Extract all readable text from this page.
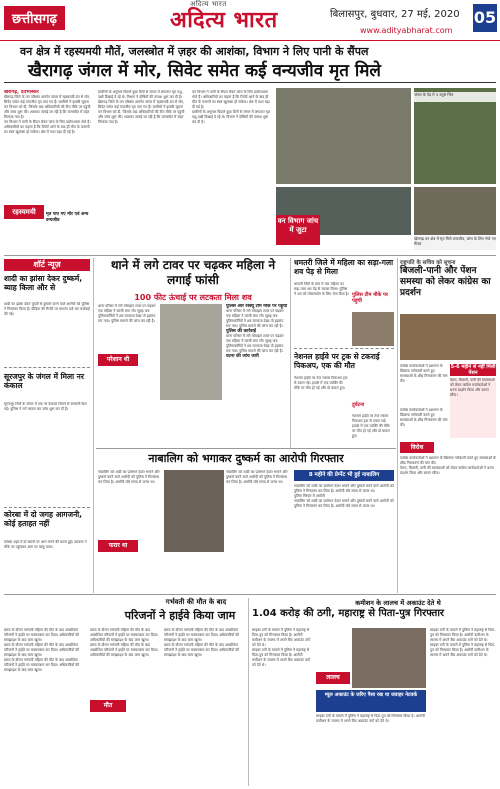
छत्तीसगढ़
अदित्य भारत
अदित्य भारत	बिलासपुर, बुधवार, 27 मई, 2020
www.adityabharat.com
05
वन क्षेत्र में रहस्यमयी मौतें, जलस्त्रोत में ज़हर की आशंका, विभाग ने लिए पानी के सैंपल
खैरागढ़ जंगल में मोर, सिवेट समेत कई वन्यजीव मृत मिले
खैरागढ़, देवभास्कर
खैरागढ़ जिले के वन परिक्षेत्र अंतर्गत जंगल में रहस्यमयी ढंग से मोर, सिवेट समेत कई वन्यजीव मृत पाए गए हैं। ग्रामीणों ने इसकी सूचना वन विभाग को दी, जिसके बाद अधिकारियों की टीम मौके पर पहुंची और जांच शुरू की। आशंका जताई जा रही है कि जलस्त्रोत में ज़हर मिलाया गया है।
वन विभाग ने पानी के सैंपल लेकर जांच के लिए प्रयोगशाला भेजे हैं। अधिकारियों का कहना है कि रिपोर्ट आने के बाद ही मौत के कारणों का स्पष्ट खुलासा हो सकेगा। क्षेत्र में गश्त बढ़ा दी गई है।
रहस्यमयी	मृत पाए गए मोर एवं अन्य वन्यजीव
ग्रामीणों के अनुसार पिछले कुछ दिनों से जंगल में लगातार मृत पशु-पक्षी दिखाई दे रहे थे। विभाग ने दोषियों की तलाश शुरू कर दी है।
खैरागढ़ जिले के वन परिक्षेत्र अंतर्गत जंगल में रहस्यमयी ढंग से मोर, सिवेट समेत कई वन्यजीव मृत पाए गए हैं। ग्रामीणों ने इसकी सूचना वन विभाग को दी, जिसके बाद अधिकारियों की टीम मौके पर पहुंची और जांच शुरू की। आशंका जताई जा रही है कि जलस्त्रोत में ज़हर मिलाया गया है।
वन विभाग ने पानी के सैंपल लेकर जांच के लिए प्रयोगशाला भेजे हैं। अधिकारियों का कहना है कि रिपोर्ट आने के बाद ही मौत के कारणों का स्पष्ट खुलासा हो सकेगा। क्षेत्र में गश्त बढ़ा दी गई है।
ग्रामीणों के अनुसार पिछले कुछ दिनों से जंगल में लगातार मृत पशु-पक्षी दिखाई दे रहे थे। विभाग ने दोषियों की तलाश शुरू कर दी है।
जंगल के पेड़ में 3 उपुस भित्र
वन विभाग जांच में जुटा
खेरागढ़ वन क्षेत्र में मृत मिले वन्यजीव, जांच के लिए भेजे गए सैंपल
शॉर्ट न्यूज़
शादी का झांसा देकर दुष्कर्म, ब्याह किला और से
शादी का झांसा देकर युवती से दुष्कर्म करने वाले आरोपी को पुलिस ने गिरफ्तार किया है। पीड़िता की रिपोर्ट पर मामला दर्ज कर कार्रवाई की गई।
सूरजपुर के जंगल में मिला नर कंकाल
सूरजपुर जिले के जंगल में एक नर कंकाल मिलने से सनसनी फैल गई। पुलिस ने मर्ग कायम कर जांच शुरू कर दी है।
कोरबा में दो जगह आगजनी, कोई हताहत नहीं
कोरबा शहर में दो स्थानों पर आग लगने की घटना हुई। दमकल ने मौके पर पहुंचकर आग पर काबू पाया।
थाने में लगे टावर पर चढ़कर महिला ने लगाई फांसी
100 फीट ऊंचाई पर लटकता मिला शव
थाना परिसर में लगे मोबाइल टावर पर चढ़कर एक महिला ने फांसी लगा ली। सुबह जब पुलिसकर्मियों ने शव लटकता देखा तो हड़कंप मच गया। पुलिस मामले की जांच कर रही है।
परेशान थी
पुलिस और रेस्क्यू टीम मौके पर पहुंची
थाना परिसर में लगे मोबाइल टावर पर चढ़कर एक महिला ने फांसी लगा ली। सुबह जब पुलिसकर्मियों ने शव लटकता देखा तो हड़कंप मच गया। पुलिस मामले की जांच कर रही है।
पुलिस की कार्रवाई
थाना परिसर में लगे मोबाइल टावर पर चढ़कर एक महिला ने फांसी लगा ली। सुबह जब पुलिसकर्मियों ने शव लटकता देखा तो हड़कंप मच गया। पुलिस मामले की जांच कर रही है।
घटना की जांच जारी
धमतरी जिले में महिला का सड़ा-गला शव पेड़ से मिला
धमतरी जिले के ग्राम में एक महिला का सड़ा-गला शव पेड़ से लटका मिला। पुलिस ने शव को पोस्टमार्टम के लिए भेज दिया है। पुलिस टीम मौके पर पहुंची
नेशनल हाईवे पर ट्रक से टकराई पिकअप, एक की मौत
नेशनल हाईवे पर तेज रफ्तार पिकअप ट्रक से टकरा गई। हादसे में एक व्यक्ति की मौके पर मौत हो गई और दो घायल हुए।
दुर्घटना
नेशनल हाईवे पर तेज रफ्तार पिकअप ट्रक से टकरा गई। हादसे में एक व्यक्ति की मौके पर मौत हो गई और दो घायल हुए।
राष्ट्रपति के सचिव को सूचना
बिजली-पानी और पेंशन समस्या को लेकर कांग्रेस का प्रदर्शन
कांग्रेस कार्यकर्ताओं ने प्रशासन के खिलाफ नारेबाजी करते हुए समस्याओं के शीघ्र निराकरण की मांग की।
5-6 महीने से नहीं मिली पेंशन
पेंशन, बिजली, पानी की समस्याओं को लेकर कांग्रेस कार्यकर्ताओं ने धरना प्रदर्शन किया और ज्ञापन सौंपा।
कांग्रेस कार्यकर्ताओं ने प्रशासन के खिलाफ नारेबाजी करते हुए समस्याओं के शीघ्र निराकरण की मांग की।
विरोध
कांग्रेस कार्यकर्ताओं ने प्रशासन के खिलाफ नारेबाजी करते हुए समस्याओं के शीघ्र निराकरण की मांग की।
पेंशन, बिजली, पानी की समस्याओं को लेकर कांग्रेस कार्यकर्ताओं ने धरना प्रदर्शन किया और ज्ञापन सौंपा।
नाबालिग को भगाकर दुष्कर्म का आरोपी गिरफ्तार
नाबालिग को शादी का प्रलोभन देकर भगाने और दुष्कर्म करने वाले आरोपी को पुलिस ने गिरफ्तार कर लिया है। आरोपी लंबे समय से फरार था।
फरार था
नाबालिग को शादी का प्रलोभन देकर भगाने और दुष्कर्म करने वाले आरोपी को पुलिस ने गिरफ्तार कर लिया है। आरोपी लंबे समय से फरार था।
8 महीने की प्रेग्नेंट भी हुई नाबालिग
नाबालिग को शादी का प्रलोभन देकर भगाने और दुष्कर्म करने वाले आरोपी को पुलिस ने गिरफ्तार कर लिया है। आरोपी लंबे समय से फरार था।
पुलिस गिरफ्त में आरोपी
नाबालिग को शादी का प्रलोभन देकर भगाने और दुष्कर्म करने वाले आरोपी को पुलिस ने गिरफ्तार कर लिया है। आरोपी लंबे समय से फरार था।
गर्भवती की मौत के बाद
परिजनों ने हाईवे किया जाम
प्रसव के दौरान गर्भवती महिला की मौत के बाद आक्रोशित परिजनों ने हाईवे पर चक्काजाम कर दिया। अधिकारियों की समझाइश के बाद जाम खुला।
प्रसव के दौरान गर्भवती महिला की मौत के बाद आक्रोशित परिजनों ने हाईवे पर चक्काजाम कर दिया। अधिकारियों की समझाइश के बाद जाम खुला।
प्रसव के दौरान गर्भवती महिला की मौत के बाद आक्रोशित परिजनों ने हाईवे पर चक्काजाम कर दिया। अधिकारियों की समझाइश के बाद जाम खुला।
प्रसव के दौरान गर्भवती महिला की मौत के बाद आक्रोशित परिजनों ने हाईवे पर चक्काजाम कर दिया। अधिकारियों की समझाइश के बाद जाम खुला।
प्रसव के दौरान गर्भवती महिला की मौत के बाद आक्रोशित परिजनों ने हाईवे पर चक्काजाम कर दिया। अधिकारियों की समझाइश के बाद जाम खुला।
मौत
प्रसव के दौरान गर्भवती महिला की मौत के बाद आक्रोशित परिजनों ने हाईवे पर चक्काजाम कर दिया। अधिकारियों की समझाइश के बाद जाम खुला।
प्रसव के दौरान गर्भवती महिला की मौत के बाद आक्रोशित परिजनों ने हाईवे पर चक्काजाम कर दिया। अधिकारियों की समझाइश के बाद जाम खुला।
कमीशन के लालच में अकाउंट देते थे
1.04 करोड़ की ठगी, महाराष्ट्र से पिता-पुत्र गिरफ्तार
साइबर ठगी के मामले में पुलिस ने महाराष्ट्र से पिता-पुत्र को गिरफ्तार किया है। आरोपी कमीशन के लालच में अपने बैंक अकाउंट ठगों को देते थे।
साइबर ठगी के मामले में पुलिस ने महाराष्ट्र से पिता-पुत्र को गिरफ्तार किया है। आरोपी कमीशन के लालच में अपने बैंक अकाउंट ठगों को देते थे।
लालच
म्यूल अकाउंट के जरिए पैसा रख था जवाहर नेटवर्क
साइबर ठगी के मामले में पुलिस ने महाराष्ट्र से पिता-पुत्र को गिरफ्तार किया है। आरोपी कमीशन के लालच में अपने बैंक अकाउंट ठगों को देते थे।
साइबर ठगी के मामले में पुलिस ने महाराष्ट्र से पिता-पुत्र को गिरफ्तार किया है। आरोपी कमीशन के लालच में अपने बैंक अकाउंट ठगों को देते थे।
साइबर ठगी के मामले में पुलिस ने महाराष्ट्र से पिता-पुत्र को गिरफ्तार किया है। आरोपी कमीशन के लालच में अपने बैंक अकाउंट ठगों को देते थे।
